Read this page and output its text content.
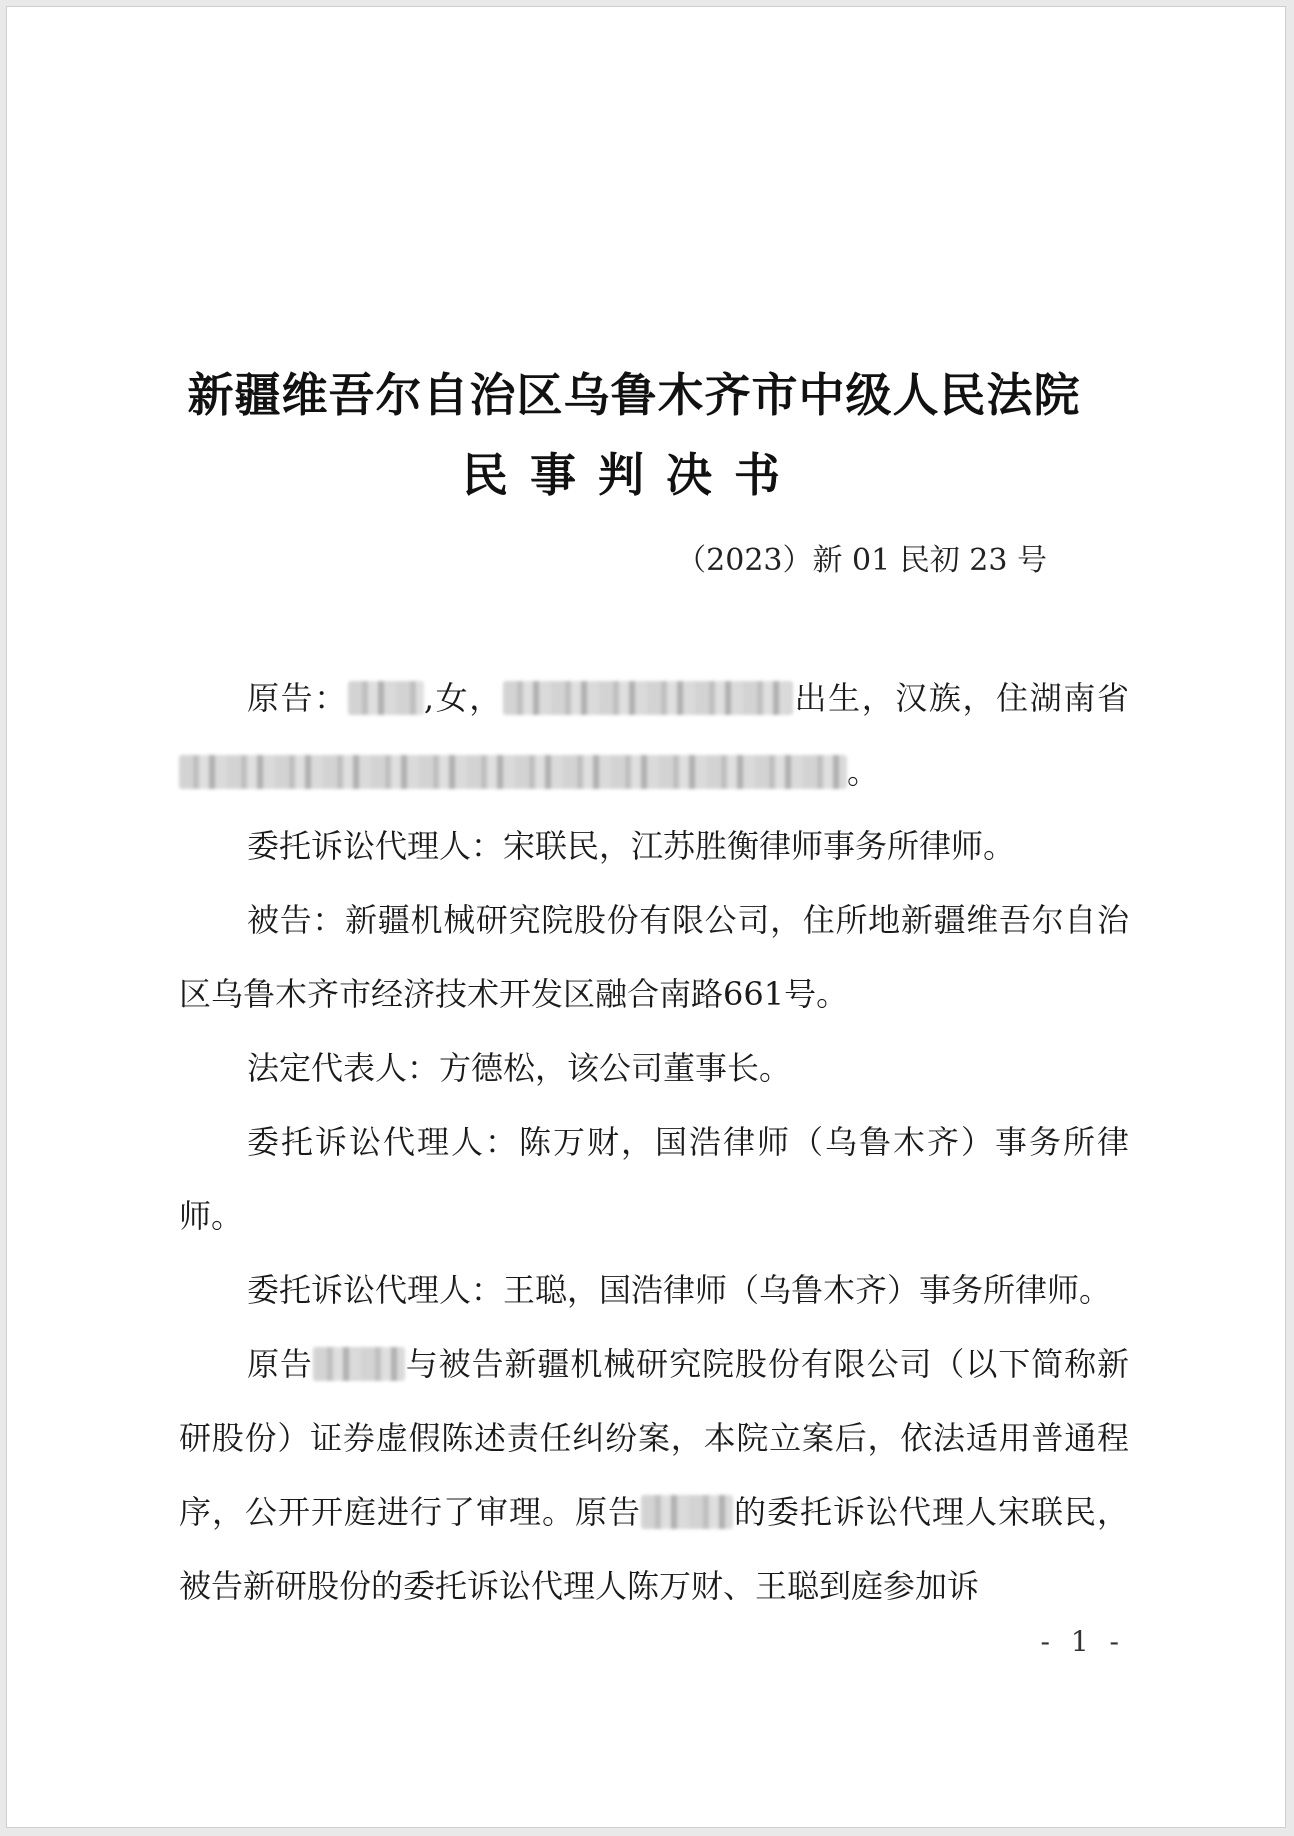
新疆维吾尔自治区乌鲁木齐市中级人民法院
民事判决书
（2023）新 01 民初 23 号

原告： ,女，	出生，汉族，住湖南省。

委托诉讼代理人：宋联民，江苏胜衡律师事务所律师。

被告：新疆机械研究院股份有限公司，住所地新疆维吾尔自治区乌鲁木齐市经济技术开发区融合南路661号。

法定代表人：方德松，该公司董事长。

委托诉讼代理人：陈万财，国浩律师（乌鲁木齐）事务所律师。

委托诉讼代理人：王聪，国浩律师（乌鲁木齐）事务所律师。

原告	与被告新疆机械研究院股份有限公司（以下简称新研股份）证券虚假陈述责任纠纷案，本院立案后，依法适用普通程序，公开开庭进行了审理。原告	的委托诉讼代理人宋联民，被告新研股份的委托诉讼代理人陈万财、王聪到庭参加诉

- 1 -
